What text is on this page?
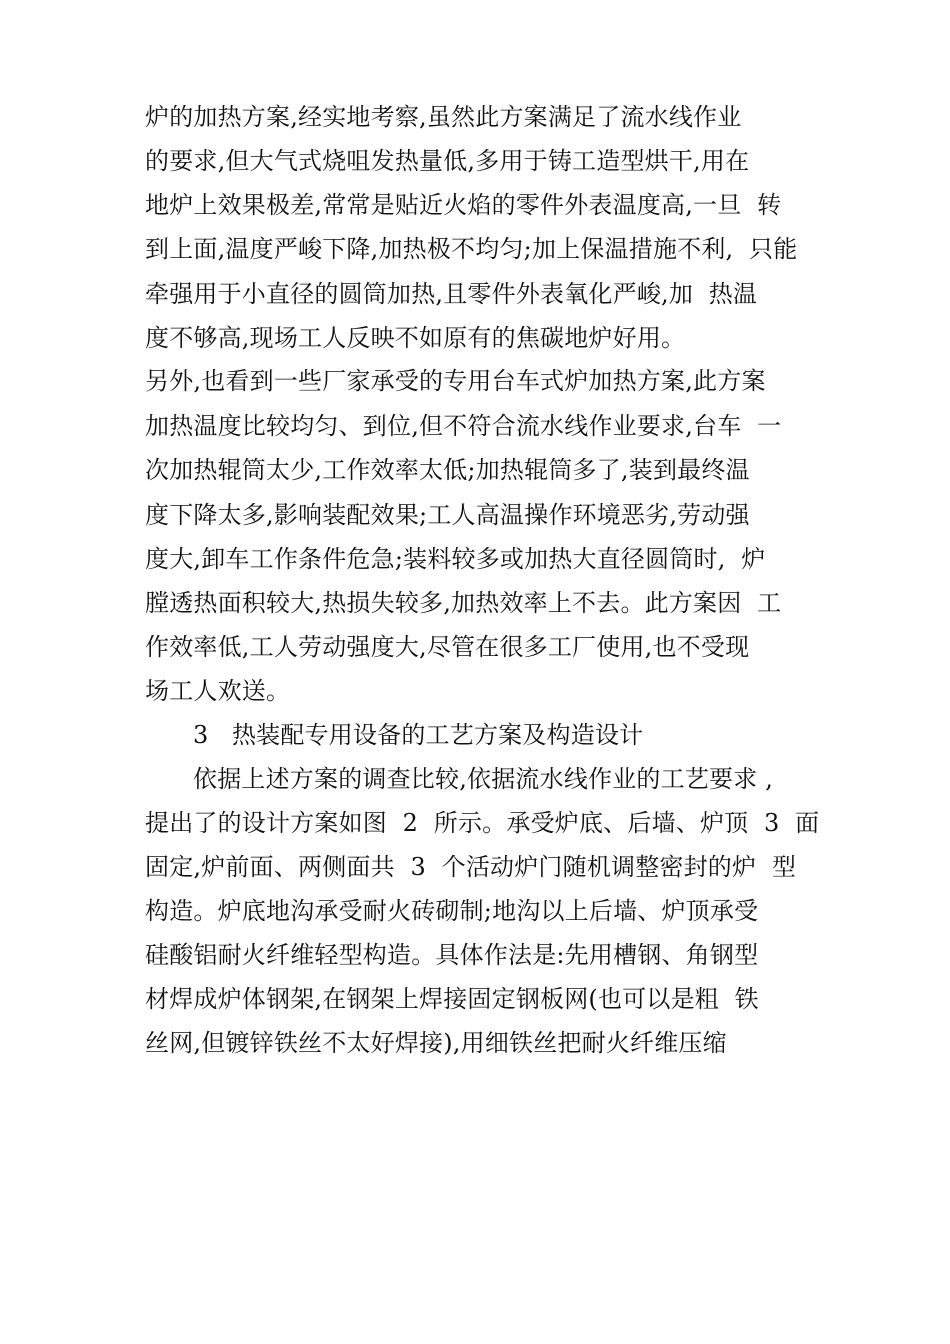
炉的加热方案,经实地考察,虽然此方案满足了流水线作业
的要求,但大气式烧咀发热量低,多用于铸工造型烘干,用在
地炉上效果极差,常常是贴近火焰的零件外表温度高,一旦  转
到上面,温度严峻下降,加热极不均匀;加上保温措施不利,  只能
牵强用于小直径的圆筒加热,且零件外表氧化严峻,加  热温
度不够高,现场工人反映不如原有的焦碳地炉好用。
另外,也看到一些厂家承受的专用台车式炉加热方案,此方案
加热温度比较均匀、到位,但不符合流水线作业要求,台车  一
次加热辊筒太少,工作效率太低;加热辊筒多了,装到最终温
度下降太多,影响装配效果;工人高温操作环境恶劣,劳动强
度大,卸车工作条件危急;装料较多或加热大直径圆筒时,  炉
膛透热面积较大,热损失较多,加热效率上不去。此方案因  工
作效率低,工人劳动强度大,尽管在很多工厂使用,也不受现
场工人欢送。
3   热装配专用设备的工艺方案及构造设计
依据上述方案的调查比较,依据流水线作业的工艺要求 ,
提出了的设计方案如图  2  所示。承受炉底、后墙、炉顶  3  面
固定,炉前面、两侧面共  3  个活动炉门随机调整密封的炉  型
构造。炉底地沟承受耐火砖砌制;地沟以上后墙、炉顶承受
硅酸铝耐火纤维轻型构造。具体作法是:先用槽钢、角钢型
材焊成炉体钢架,在钢架上焊接固定钢板网(也可以是粗  铁
丝网,但镀锌铁丝不太好焊接),用细铁丝把耐火纤维压缩
